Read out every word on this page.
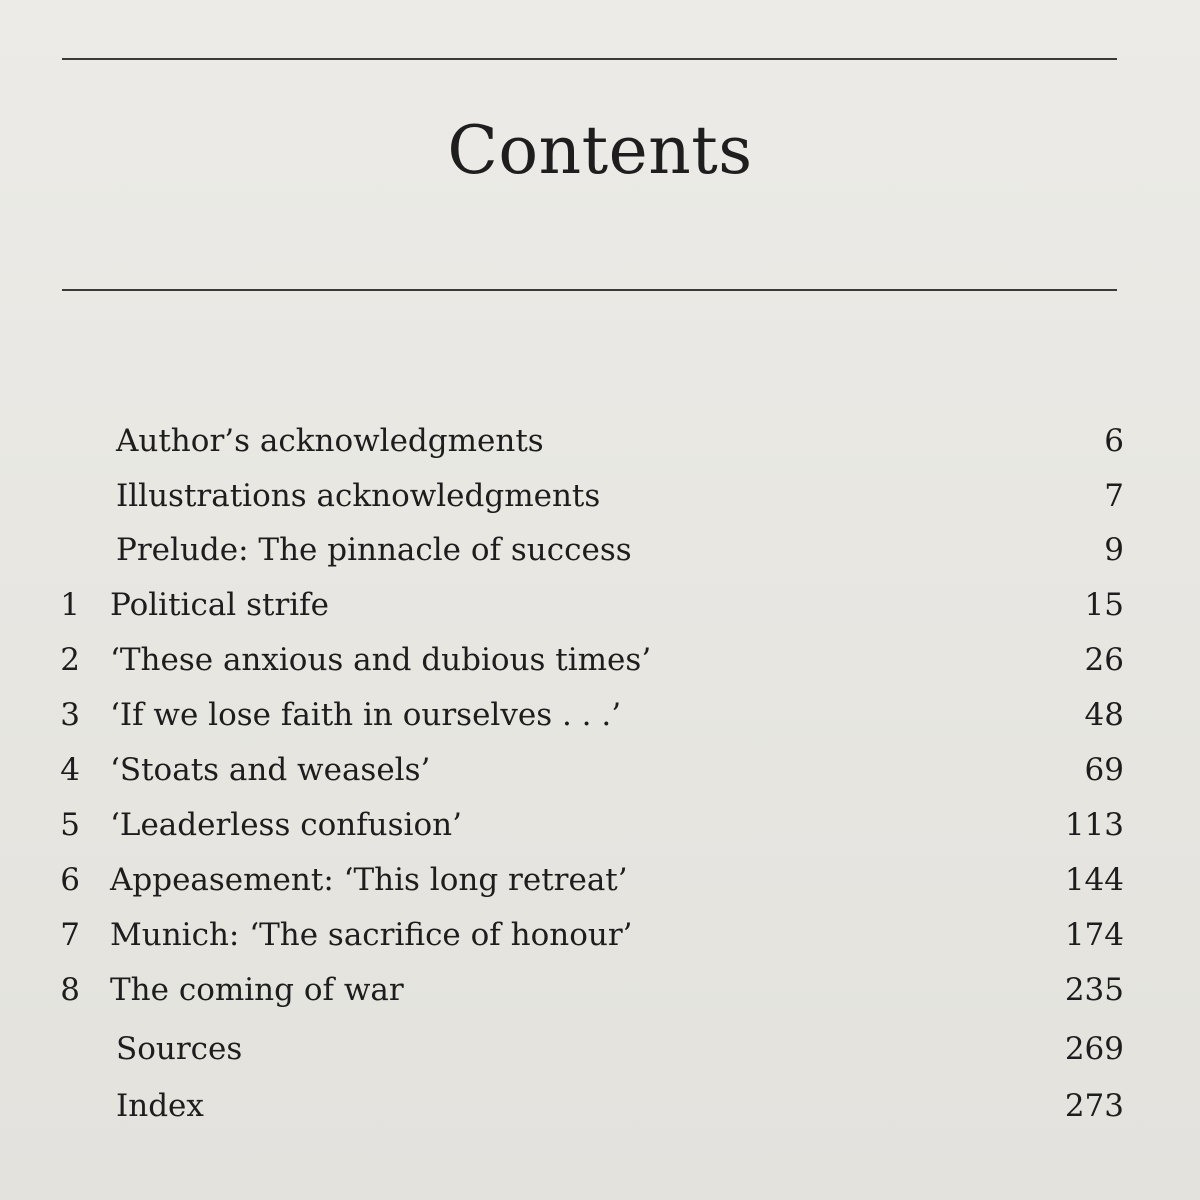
Contents
Author’s acknowledgments	6
Illustrations acknowledgments	7
Prelude: The pinnacle of success	9
1 Political strife	15
2 ‘These anxious and dubious times’	26
3 ‘If we lose faith in ourselves . . .’	48
4 ‘Stoats and weasels’	69
5 ‘Leaderless confusion’	113
6 Appeasement: ‘This long retreat’	144
7 Munich: ‘The sacrifice of honour’	174
8 The coming of war	235
Sources	269
Index	273
